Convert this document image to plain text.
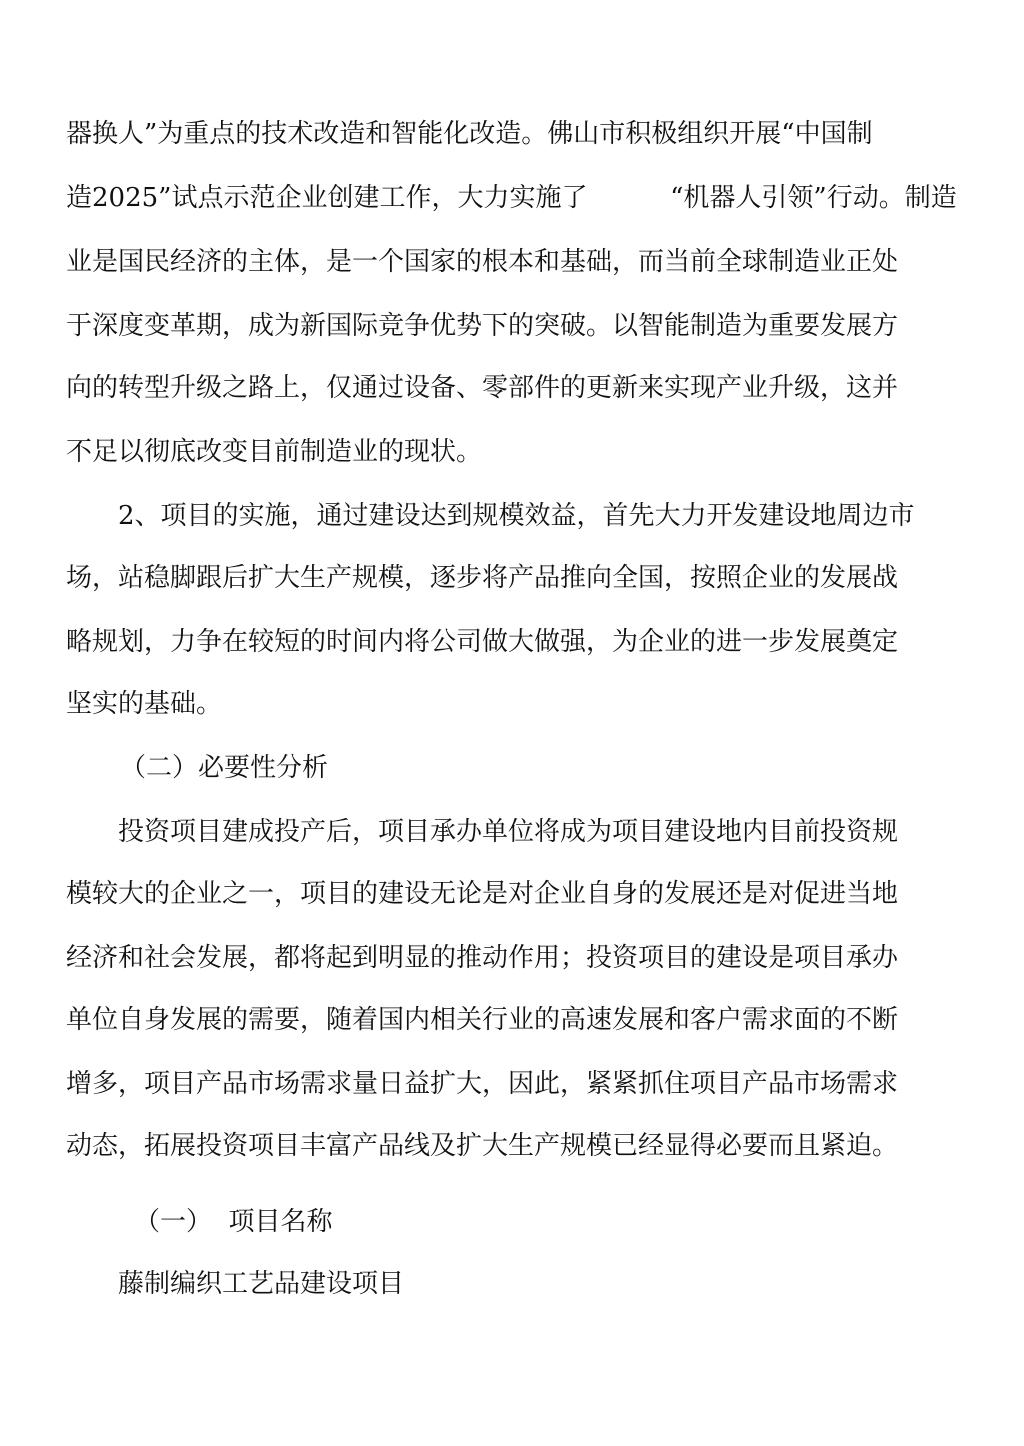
器换人”为重点的技术改造和智能化改造。佛山市积极组织开展“中国制
造2025”试点示范企业创建工作，大力实施了          “机器人引领”行动。制造
业是国民经济的主体，是一个国家的根本和基础，而当前全球制造业正处
于深度变革期，成为新国际竞争优势下的突破。以智能制造为重要发展方
向的转型升级之路上，仅通过设备、零部件的更新来实现产业升级，这并
不足以彻底改变目前制造业的现状。
2、项目的实施，通过建设达到规模效益，首先大力开发建设地周边市
场，站稳脚跟后扩大生产规模，逐步将产品推向全国，按照企业的发展战
略规划，力争在较短的时间内将公司做大做强，为企业的进一步发展奠定
坚实的基础。
（二）必要性分析
投资项目建成投产后，项目承办单位将成为项目建设地内目前投资规
模较大的企业之一，项目的建设无论是对企业自身的发展还是对促进当地
经济和社会发展，都将起到明显的推动作用；投资项目的建设是项目承办
单位自身发展的需要，随着国内相关行业的高速发展和客户需求面的不断
增多，项目产品市场需求量日益扩大，因此，紧紧抓住项目产品市场需求
动态，拓展投资项目丰富产品线及扩大生产规模已经显得必要而且紧迫。
（一）  项目名称
藤制编织工艺品建设项目
